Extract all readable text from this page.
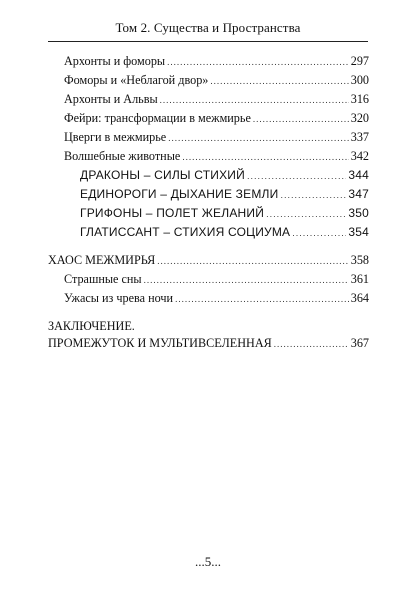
Том 2. Существа и Пространства
Архонты и фоморы .....	297
Фоморы и «Неблагой двор» .....	300
Архонты и Альвы .....	316
Фейри: трансформации в межмирье .....	320
Цверги в межмирье .....	337
Волшебные животные .....	342
ДРАКОНЫ – СИЛЫ СТИХИЙ .....	344
ЕДИНОРОГИ – ДЫХАНИЕ ЗЕМЛИ .....	347
ГРИФОНЫ – ПОЛЕТ ЖЕЛАНИЙ .....	350
ГЛАТИССАНТ – СТИХИЯ СОЦИУМА .....	354
ХАОС МЕЖМИРЬЯ .....	358
Страшные сны .....	361
Ужасы из чрева ночи .....	364
ЗАКЛЮЧЕНИЕ.
ПРОМЕЖУТОК И МУЛЬТИВСЕЛЕННАЯ .....	367
...5...
